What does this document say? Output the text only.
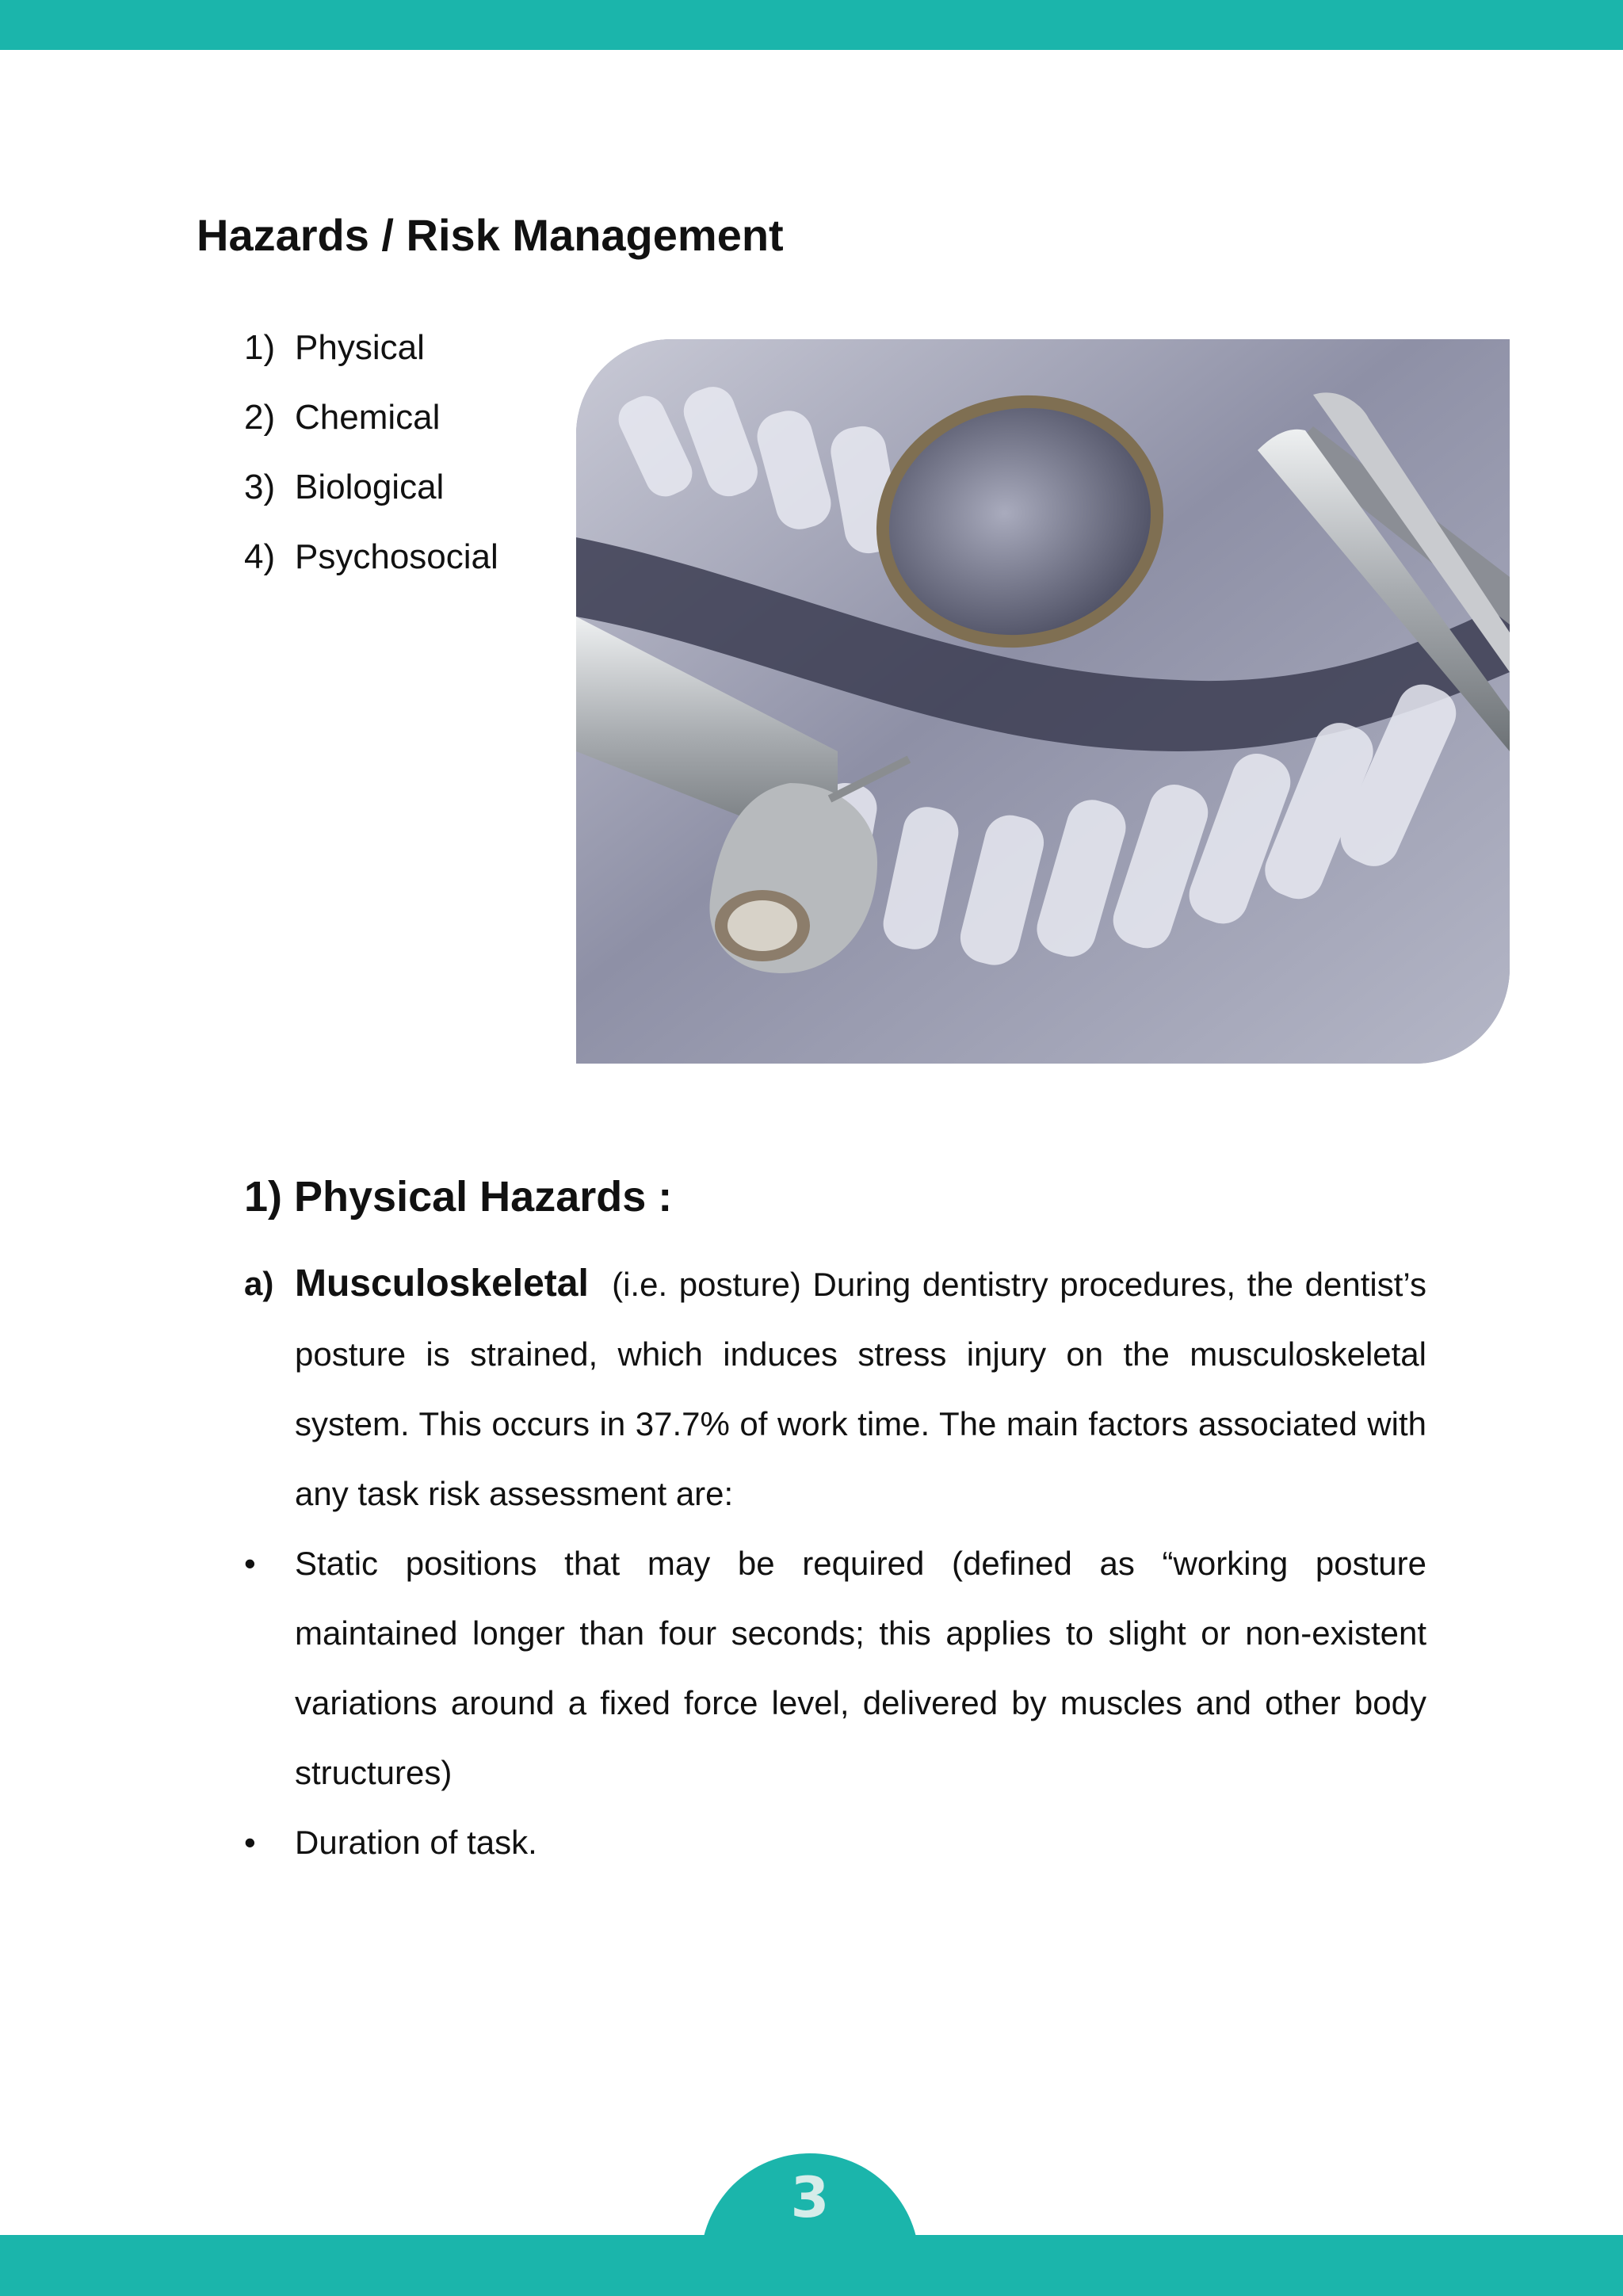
Hazards / Risk Management
1) Physical
2) Chemical
3) Biological
4) Psychosocial
1) Physical Hazards :
a) Musculoskeletal (i.e. posture) During dentistry procedures, the dentist’s posture is strained, which induces stress injury on the musculoskeletal system. This occurs in 37.7% of work time. The main factors associated with any task risk assessment are:
•	Static positions that may be required (defined as “working posture maintained longer than four seconds; this applies to slight or non-existent variations around a fixed force level, delivered by muscles and other body structures)
•	Duration of task.
3
